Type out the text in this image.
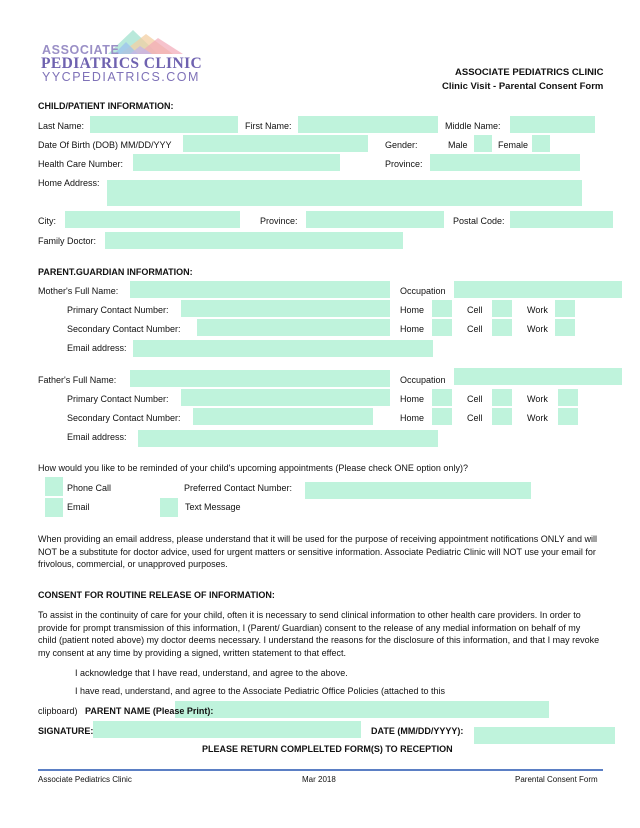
ASSOCIATE
PEDIATRICS CLINIC
YYCPEDIATRICS.COM	ASSOCIATE PEDIATRICS CLINIC
Clinic Visit - Parental Consent Form
CHILD/PATIENT INFORMATION:
Last Name:	First Name:	Middle Name:
Date Of Birth (DOB) MM/DD/YYY	Gender:	Male	Female
Health Care Number:	Province:
Home Address:
City:	Province:	Postal Code:
Family Doctor:
PARENT.GUARDIAN INFORMATION:
Mother's Full Name:	Occupation
Primary Contact Number:	Home	Cell	Work
Secondary Contact Number:	Home	Cell	Work
Email address:
Father's Full Name:	Occupation
Primary Contact Number:	Home	Cell	Work
Secondary Contact Number:	Home	Cell	Work
Email address:
How would you like to be reminded of your child's upcoming appointments (Please check ONE option only)?
Phone Call	Preferred Contact Number:
Email	Text Message
When providing an email address, please understand that it will be used for the purpose of receiving appointment notifications ONLY and will NOT be a substitute for doctor advice, used for urgent matters or sensitive information. Associate Pediatric Clinic will NOT use your email for frivolous, commercial, or unapproved purposes.
CONSENT FOR ROUTINE RELEASE OF INFORMATION:
To assist in the continuity of care for your child, often it is necessary to send clinical information to other health care providers. In order to provide for prompt transmission of this information, I (Parent/ Guardian) consent to the release of any medial information on behalf of my child (patient noted above) my doctor deems necessary. I understand the reasons for the disclosure of this information, and that I may revoke my consent at any time by providing a signed, written statement to that effect.
I acknowledge that I have read, understand, and agree to the above.
I have read, understand, and agree to the Associate Pediatric Office Policies (attached to this
clipboard) PARENT NAME (Please Print):
SIGNATURE:	DATE (MM/DD/YYYY):
PLEASE RETURN COMPLELTED FORM(S) TO RECEPTION
Associate Pediatrics Clinic	Mar 2018	Parental Consent Form
